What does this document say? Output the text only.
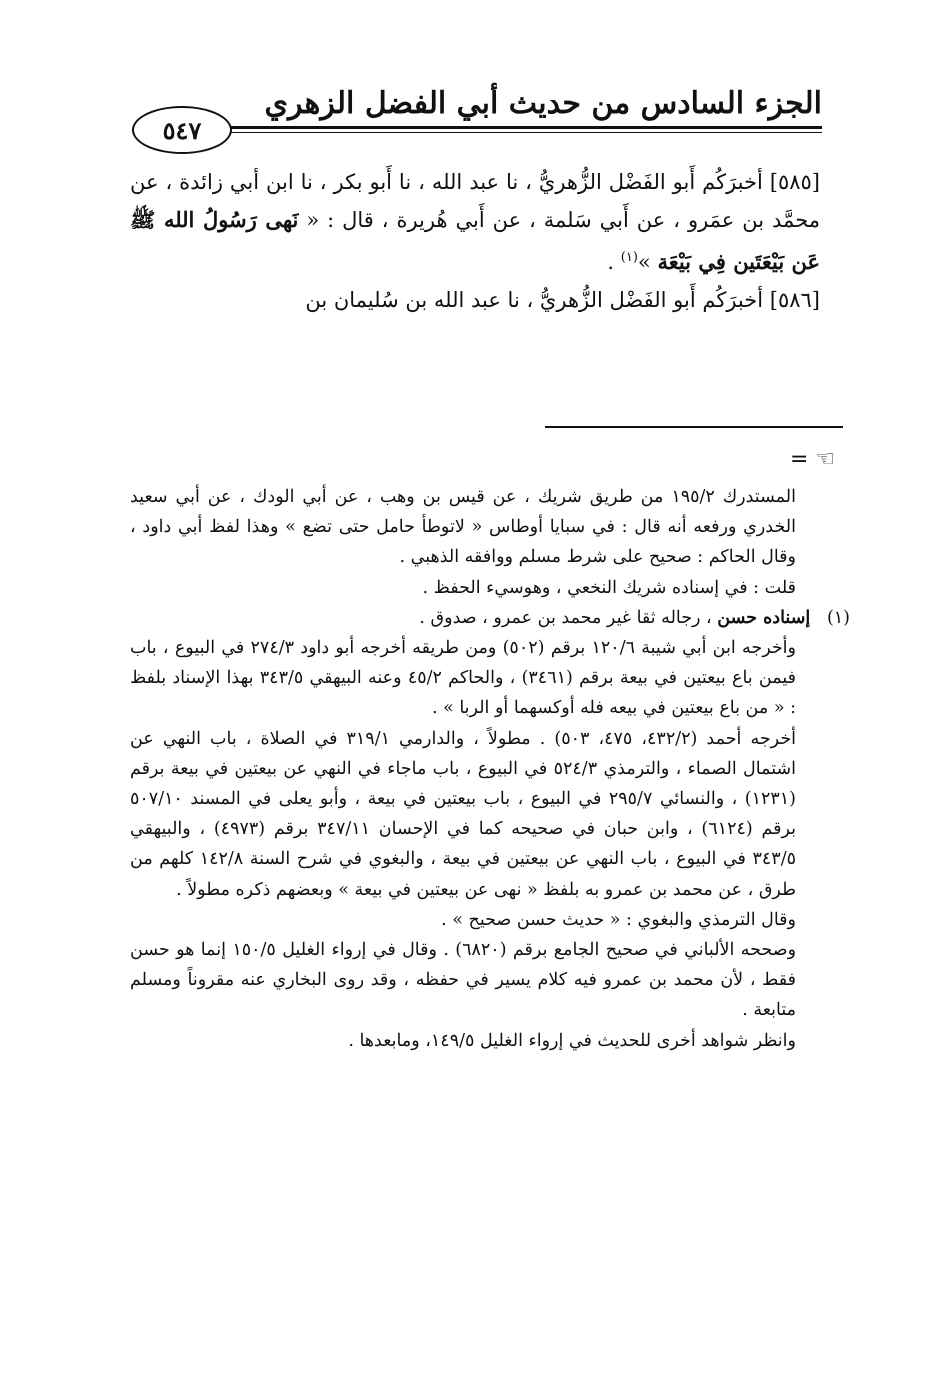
الجزء السادس من حديث أبي الفضل الزهري
٥٤٧

[٥٨٥] أخبرَكُم أَبو الفَضْل الزُّهريُّ ، نا عبد الله ، نا أَبو بكر ، نا ابن أبي زائدة ، عن محمَّد بن عمَرو ، عن أَبي سَلمة ، عن أَبي هُريرة ، قال : « نَهى رَسُولُ الله ﷺ عَن بَيْعَتَين فِي بَيْعَة »$^{(١)}$ .

[٥٨٦] أخبرَكُم أَبو الفَضْل الزُّهريُّ ، نا عبد الله بن سُليمان بن

= ☜

المستدرك ١٩٥/٢ من طريق شريك ، عن قيس بن وهب ، عن أبي الودك ، عن أبي سعيد الخدري ورفعه أنه قال : في سبايا أوطاس « لاتوطأ حامل حتى تضع » وهذا لفظ أبي داود ، وقال الحاكم : صحيح على شرط مسلم ووافقه الذهبي .

قلت : في إسناده شريك النخعي ، وهوسيء الحفظ .

(١)   إسناده حسن ، رجاله ثقا غير محمد بن عمرو ، صدوق .

وأخرجه ابن أبي شيبة ١٢٠/٦ برقم (٥٠٢) ومن طريقه أخرجه أبو داود ٢٧٤/٣ في البيوع ، باب فيمن باع بيعتين في بيعة برقم (٣٤٦١) ، والحاكم ٤٥/٢ وعنه البيهقي ٣٤٣/٥ بهذا الإسناد بلفظ : « من باع بيعتين في بيعه فله أوكسهما أو الربا » .

أخرجه أحمد (٤٣٢/٢، ٤٧٥، ٥٠٣) . مطولاً ، والدارمي ٣١٩/١ في الصلاة ، باب النهي عن اشتمال الصماء ، والترمذي ٥٢٤/٣ في البيوع ، باب ماجاء في النهي عن بيعتين في بيعة برقم (١٢٣١) ، والنسائي ٢٩٥/٧ في البيوع ، باب بيعتين في بيعة ، وأبو يعلى في المسند ٥٠٧/١٠ برقم (٦١٢٤) ، وابن حبان في صحيحه كما في الإحسان ٣٤٧/١١ برقم (٤٩٧٣) ، والبيهقي ٣٤٣/٥ في البيوع ، باب النهي عن بيعتين في بيعة ، والبغوي في شرح السنة ١٤٢/٨ كلهم من طرق ، عن محمد بن عمرو به بلفظ « نهى عن بيعتين في بيعة » وبعضهم ذكره مطولاً .

وقال الترمذي والبغوي : « حديث حسن صحيح » .

وصححه الألباني في صحيح الجامع برقم (٦٨٢٠) . وقال في إرواء الغليل ١٥٠/٥ إنما هو حسن فقط ، لأن محمد بن عمرو فيه كلام يسير في حفظه ، وقد روى البخاري عنه مقروناً ومسلم متابعة .

وانظر شواهد أخرى للحديث في إرواء الغليل ١٤٩/٥، ومابعدها .
